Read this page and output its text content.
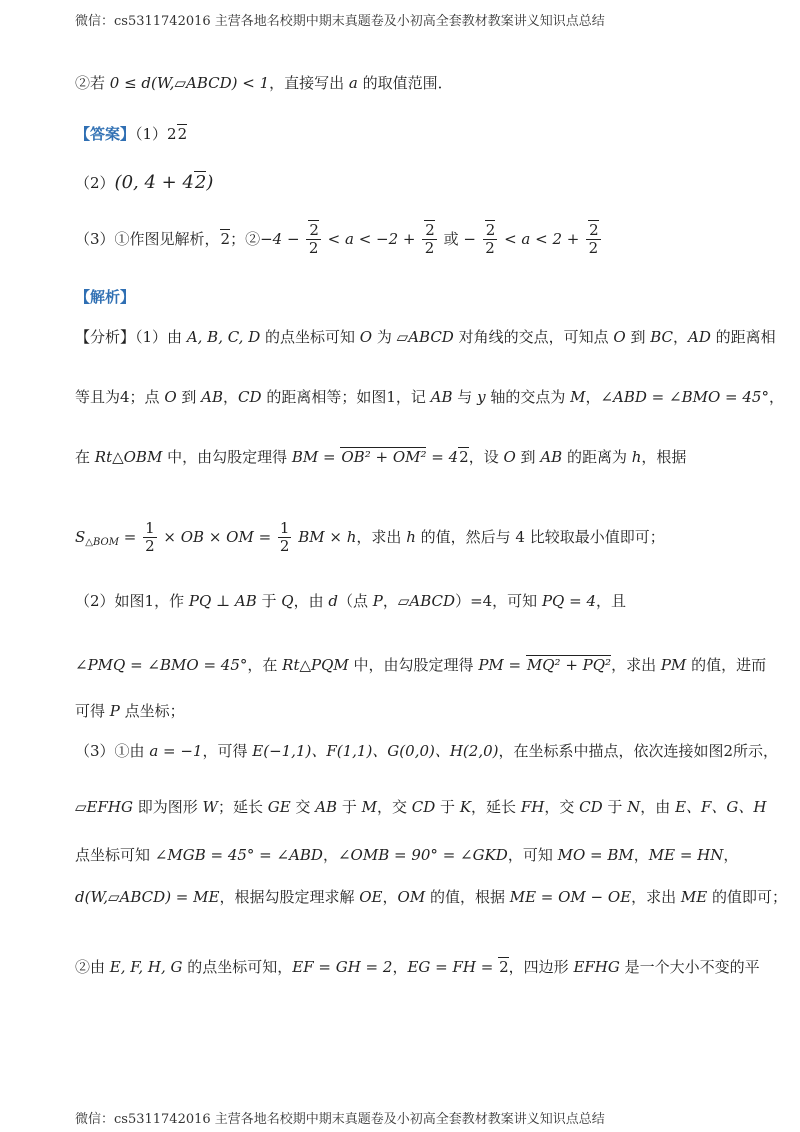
微信：cs5311742016 主营各地名校期中期末真题卷及小初高全套教材教案讲义知识点总结
②若 0 ≤ d(W,▱ABCD) < 1，直接写出 a 的取值范围．
【答案】（1）22
（2）(0, 4 + 42)
（3）①作图见解析，2；②−4 − $\frac{2}{2} < a < -2 + \frac{2}{2}$ 或 − $\frac{2}{2} < a < 2 + \frac{2}{2}$
【解析】
【分析】（1）由 A, B, C, D 的点坐标可知 O 为 ▱ABCD 对角线的交点，可知点 O 到 BC，AD 的距离相
等且为4；点 O 到 AB，CD 的距离相等；如图1，记 AB 与 y 轴的交点为 M，∠ABD = ∠BMO = 45°，
在 Rt△OBM 中，由勾股定理得 BM = OB² + OM² = 42，设 O 到 AB 的距离为 h，根据
$S_{\triangle BOM} = \frac{1}{2}$ × OB × OM = $\frac{1}{2}$ BM × h，求出 h 的值，然后与 4 比较取最小值即可；
（2）如图1，作 PQ ⊥ AB 于 Q，由 d（点 P，▱ABCD）=4，可知 PQ = 4，且
∠PMQ = ∠BMO = 45°，在 Rt△PQM 中，由勾股定理得 PM = MQ² + PQ²，求出 PM 的值，进而
可得 P 点坐标；
（3）①由 a = −1，可得 E(−1,1)、F(1,1)、G(0,0)、H(2,0)，在坐标系中描点，依次连接如图2所示，
▱EFHG 即为图形 W；延长 GE 交 AB 于 M，交 CD 于 K，延长 FH，交 CD 于 N，由 E、F、G、H
点坐标可知 ∠MGB = 45° = ∠ABD，∠OMB = 90° = ∠GKD，可知 MO = BM，ME = HN，
d(W,▱ABCD) = ME，根据勾股定理求解 OE，OM 的值，根据 ME = OM − OE，求出 ME 的值即可；
②由 E, F, H, G 的点坐标可知，EF = GH = 2，EG = FH = 2，四边形 EFHG 是一个大小不变的平
微信：cs5311742016 主营各地名校期中期末真题卷及小初高全套教材教案讲义知识点总结
